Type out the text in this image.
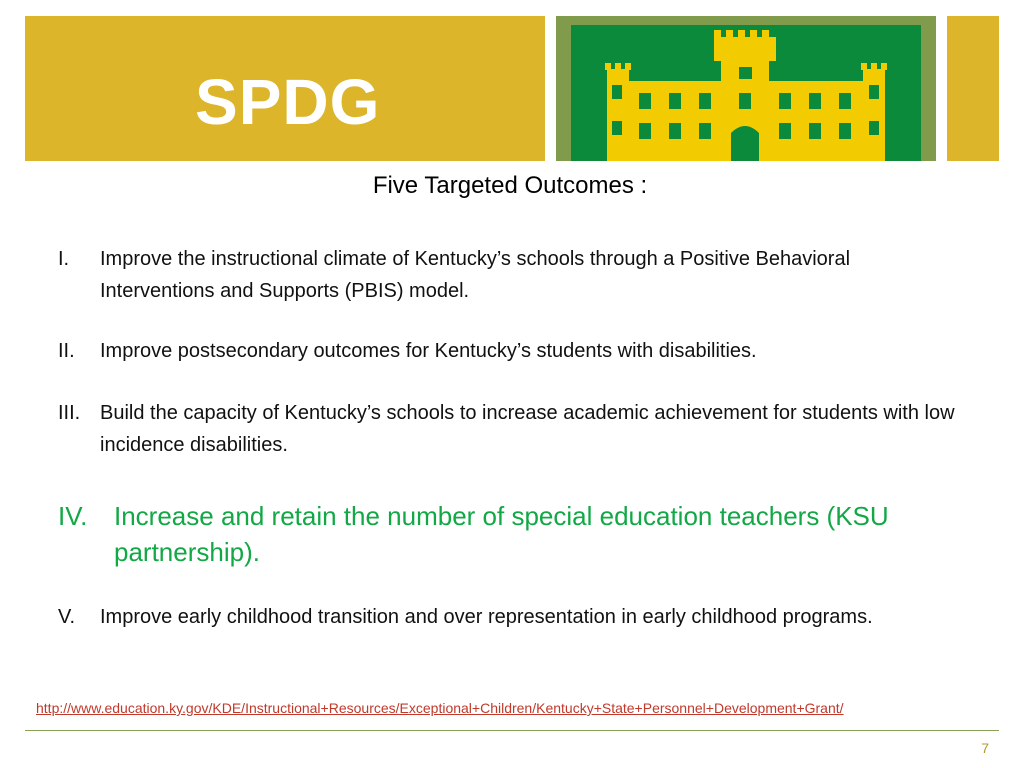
SPDG

Five Targeted Outcomes :

I.	Improve the instructional climate of Kentucky’s schools through a Positive Behavioral Interventions and Supports (PBIS) model.
II.	Improve postsecondary outcomes for Kentucky’s students with disabilities.
III. Build the capacity of Kentucky’s schools to increase academic achievement for students with low incidence disabilities.
IV.	Increase and retain the number of special education teachers (KSU partnership).
V.	Improve early childhood transition and over representation in early childhood programs.
http://www.education.ky.gov/KDE/Instructional+Resources/Exceptional+Children/Kentucky+State+Personnel+Development+Grant/
7
